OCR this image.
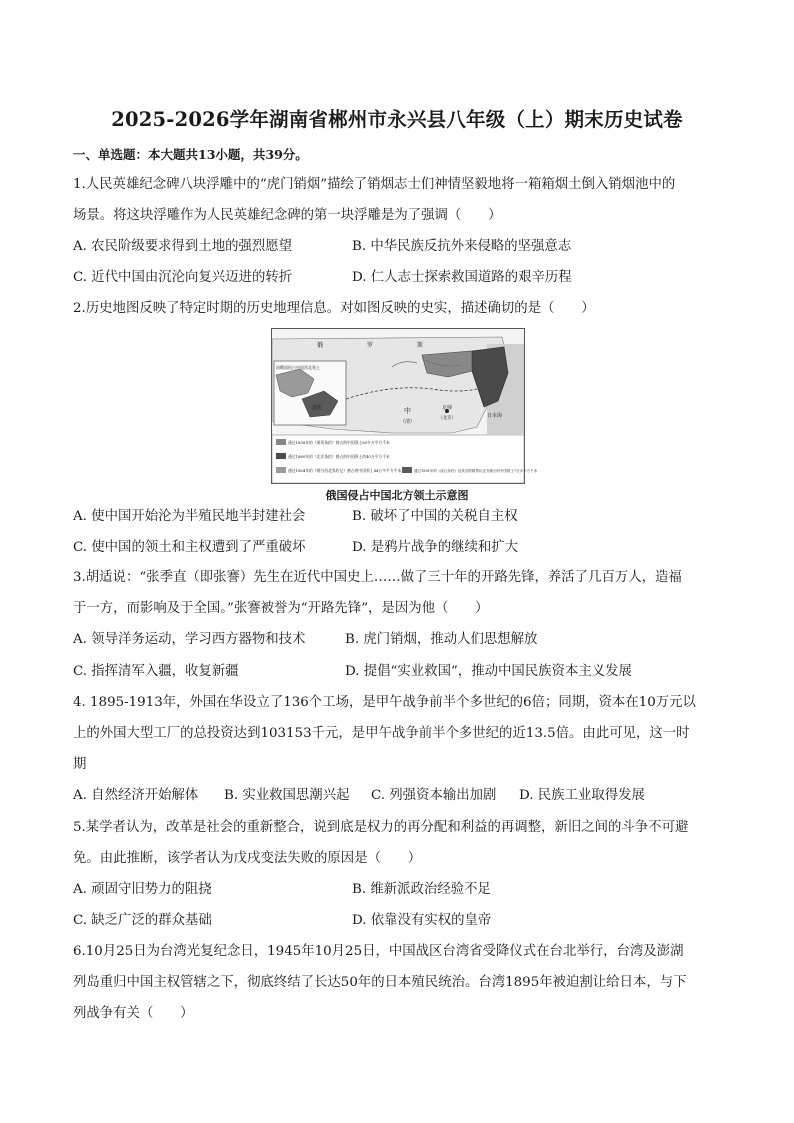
2025-2026学年湖南省郴州市永兴县八年级（上）期末历史试卷
一、单选题：本大题共13小题，共39分。
1.人民英雄纪念碑八块浮雕中的“虎门销烟”描绘了销烟志士们神情坚毅地将一箱箱烟土倒入销烟池中的
场景。将这块浮雕作为人民英雄纪念碑的第一块浮雕是为了强调（　　）
A. 农民阶级要求得到土地的强烈愿望	B. 中华民族反抗外来侵略的坚强意志
C. 近代中国由沉沦向复兴迈进的转折	D. 仁人志士探索救国道路的艰辛历程
2.历史地图反映了特定时期的历史地理信息。对如图反映的史实，描述确切的是（　　）
俄	罗	斯
中
（清）
京师
（北京）	日本海
迪化
同俄国侵占中国西北领土
通过1858年的《瑷珲条约》割占的中国领土60多万平方千米
通过1860年的《北京条约》割占的中国领土约40万平方千米
通过1864年的《勘分西北界约记》割占的中国领土44万多平方千米	通过1881年的《改订条约》及其后的勘界议定书割占的中国领土7万多平方千米
俄国侵占中国北方领土示意图
A. 使中国开始沦为半殖民地半封建社会	B. 破坏了中国的关税自主权
C. 使中国的领土和主权遭到了严重破坏	D. 是鸦片战争的继续和扩大
3.胡适说：“张季直（即张謇）先生在近代中国史上……做了三十年的开路先锋，养活了几百万人，造福
于一方，而影响及于全国。”张謇被誉为“开路先锋”，是因为他（　　）
A. 领导洋务运动，学习西方器物和技术	B. 虎门销烟，推动人们思想解放
C. 指挥清军入疆，收复新疆	D. 提倡“实业救国”，推动中国民族资本主义发展
4. 1895-1913年，外国在华设立了136个工场，是甲午战争前半个多世纪的6倍；同期，资本在10万元以
上的外国大型工厂的总投资达到103153千元，是甲午战争前半个多世纪的近13.5倍。由此可见，这一时
期
A. 自然经济开始解体 B. 实业救国思潮兴起 C. 列强资本输出加剧 D. 民族工业取得发展
5.某学者认为，改革是社会的重新整合，说到底是权力的再分配和利益的再调整，新旧之间的斗争不可避
免。由此推断，该学者认为戊戌变法失败的原因是（　　）
A. 顽固守旧势力的阻挠	B. 维新派政治经验不足
C. 缺乏广泛的群众基础	D. 依靠没有实权的皇帝
6.10月25日为台湾光复纪念日，1945年10月25日，中国战区台湾省受降仪式在台北举行，台湾及澎湖
列岛重归中国主权管辖之下，彻底终结了长达50年的日本殖民统治。台湾1895年被迫割让给日本，与下
列战争有关（　　）
